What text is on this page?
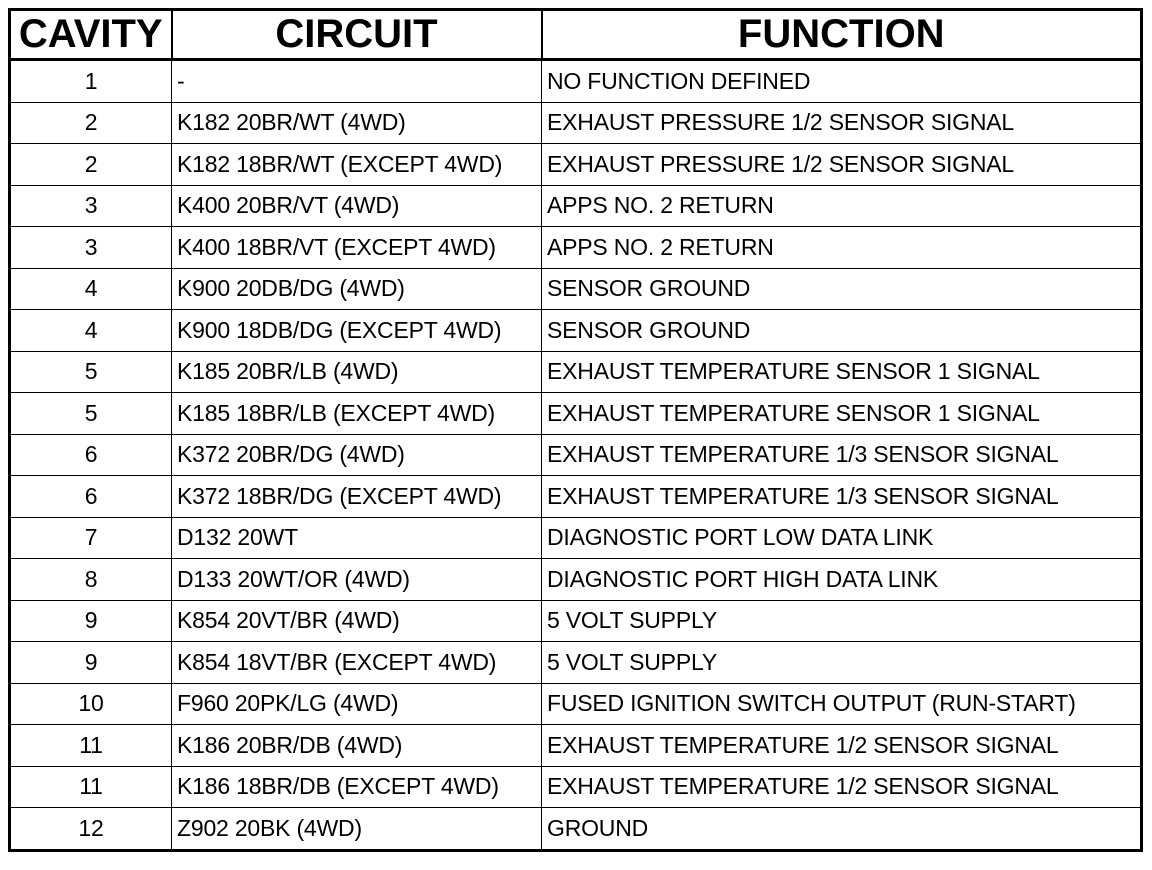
CAVITY	CIRCUIT	FUNCTION
1	-	NO FUNCTION DEFINED
2	K182 20BR/WT (4WD)	EXHAUST PRESSURE 1/2 SENSOR SIGNAL
2	K182 18BR/WT (EXCEPT 4WD)	EXHAUST PRESSURE 1/2 SENSOR SIGNAL
3	K400 20BR/VT (4WD)	APPS NO. 2 RETURN
3	K400 18BR/VT (EXCEPT 4WD)	APPS NO. 2 RETURN
4	K900 20DB/DG (4WD)	SENSOR GROUND
4	K900 18DB/DG (EXCEPT 4WD)	SENSOR GROUND
5	K185 20BR/LB (4WD)	EXHAUST TEMPERATURE SENSOR 1 SIGNAL
5	K185 18BR/LB (EXCEPT 4WD)	EXHAUST TEMPERATURE SENSOR 1 SIGNAL
6	K372 20BR/DG (4WD)	EXHAUST TEMPERATURE 1/3 SENSOR SIGNAL
6	K372 18BR/DG (EXCEPT 4WD)	EXHAUST TEMPERATURE 1/3 SENSOR SIGNAL
7	D132 20WT	DIAGNOSTIC PORT LOW DATA LINK
8	D133 20WT/OR (4WD)	DIAGNOSTIC PORT HIGH DATA LINK
9	K854 20VT/BR (4WD)	5 VOLT SUPPLY
9	K854 18VT/BR (EXCEPT 4WD)	5 VOLT SUPPLY
10	F960 20PK/LG (4WD)	FUSED IGNITION SWITCH OUTPUT (RUN-START)
11	K186 20BR/DB (4WD)	EXHAUST TEMPERATURE 1/2 SENSOR SIGNAL
11	K186 18BR/DB (EXCEPT 4WD)	EXHAUST TEMPERATURE 1/2 SENSOR SIGNAL
12	Z902 20BK (4WD)	GROUND
